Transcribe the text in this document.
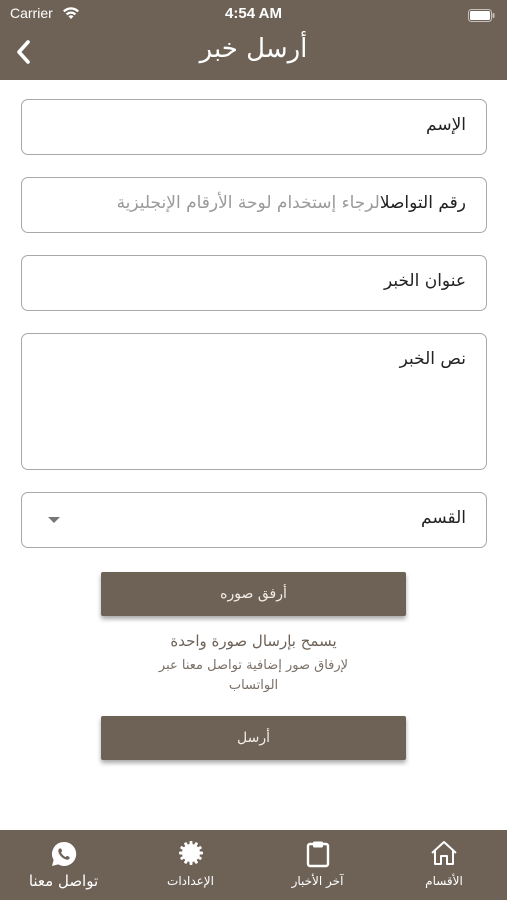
Carrier	4:54 AM
أرسل خبر
الإسم
رقم التواصلالرجاء إستخدام لوحة الأرقام الإنجليزية
عنوان الخبر
نص الخبر
القسم
أرفق صوره
يسمح بإرسال صورة واحدة
لإرفاق صور إضافية تواصل معنا عبر
الواتساب
أرسل
تواصل معنا	الإعدادات	آخر الأخبار	الأقسام
